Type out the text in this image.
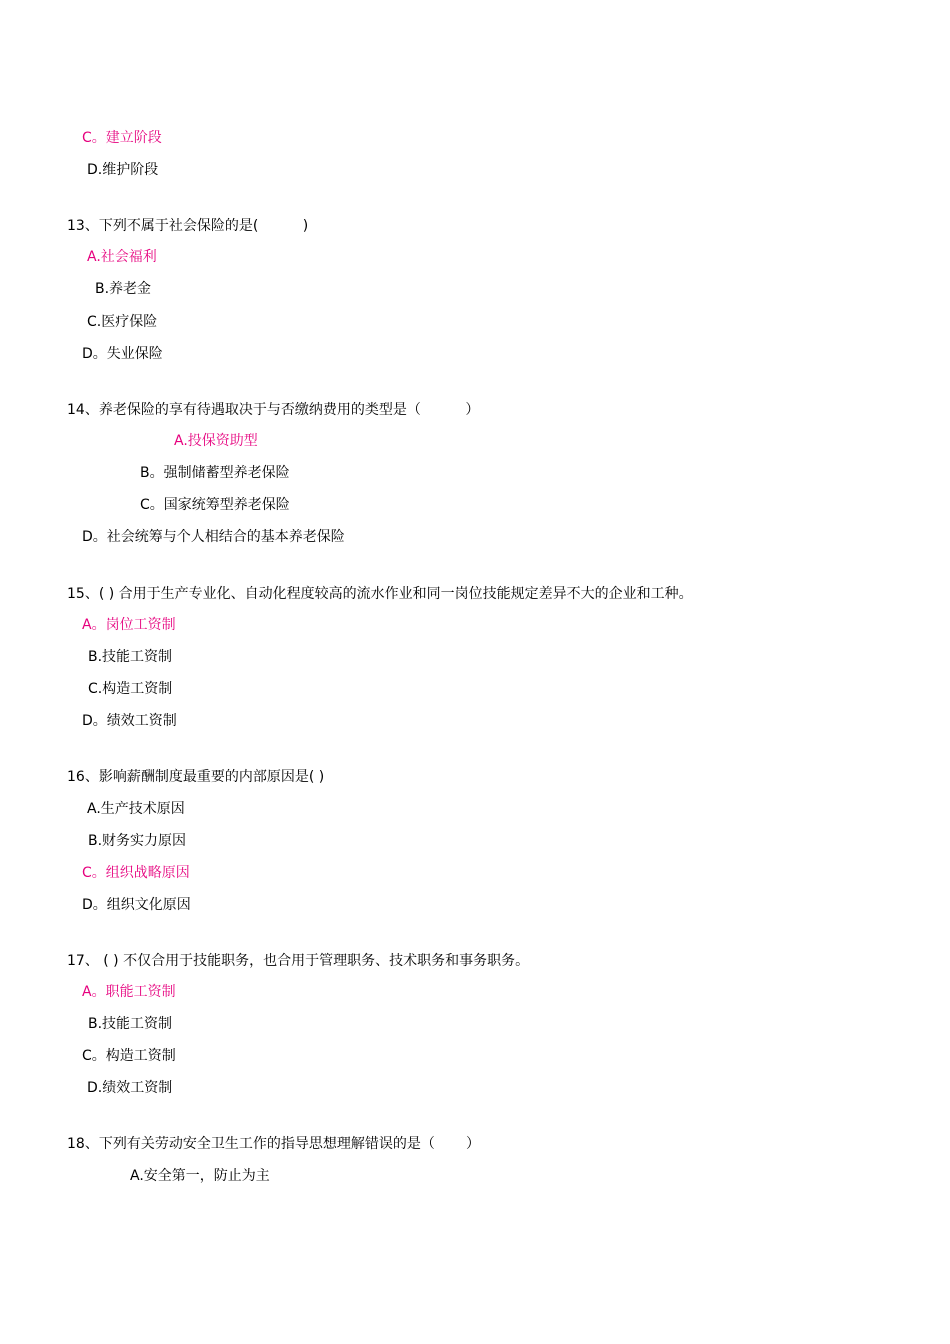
C。建立阶段
D.维护阶段
13、下列不属于社会保险的是(          )
A.社会福利
B.养老金
C.医疗保险
D。失业保险
14、养老保险的享有待遇取决于与否缴纳费用的类型是（          ）
A.投保资助型
B。强制储蓄型养老保险
C。国家统筹型养老保险
D。社会统筹与个人相结合的基本养老保险
15、( ) 合用于生产专业化、自动化程度较高的流水作业和同一岗位技能规定差异不大的企业和工种。
A。岗位工资制
B.技能工资制
C.构造工资制
D。绩效工资制
16、影响薪酬制度最重要的内部原因是( )
A.生产技术原因
B.财务实力原因
C。组织战略原因
D。组织文化原因
17、 ( ) 不仅合用于技能职务，也合用于管理职务、技术职务和事务职务。
A。职能工资制
B.技能工资制
C。构造工资制
D.绩效工资制
18、下列有关劳动安全卫生工作的指导思想理解错误的是（       ）
A.安全第一，防止为主
